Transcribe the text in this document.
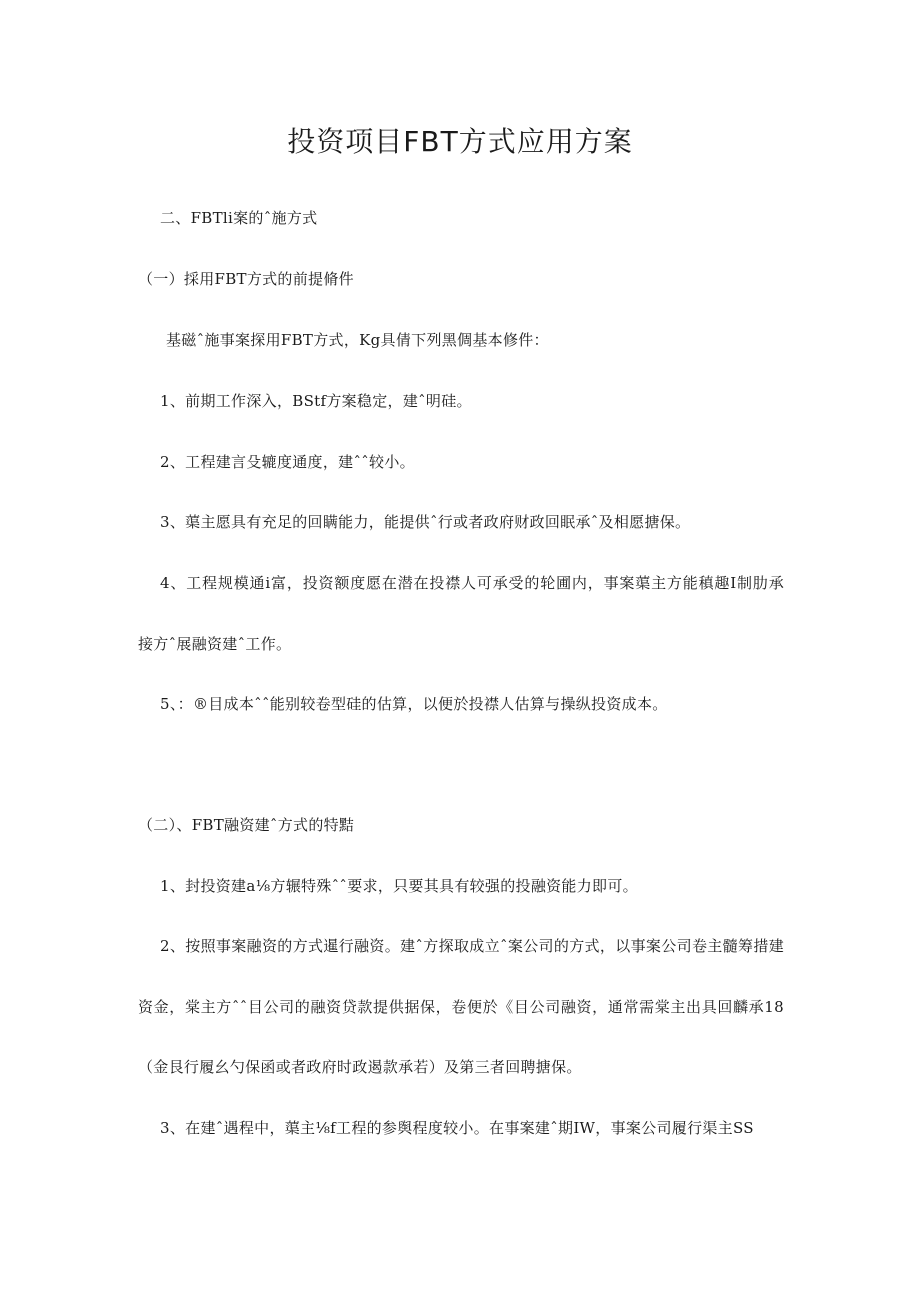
投资项目FBT方式应用方案
二、FBTli案的ˆ施方式
（一）採用FBT方式的前提脩件
基磁ˆ施事案探用FBT方式，Kg具倩下列黑倜基本修件：
1、前期工作深入，BStf方案稳定，建ˆ明硅。
2、工程建言殳辘度通度，建ˆˆ较小。
3、蕖主愿具有充足的回瞒能力，能提供ˆ行或者政府财政回眠承ˆ及相愿搪保。
4、工程规模通i富，投资额度愿在潜在投襟人可承受的轮圃内，事案蕖主方能稹趣I制肋承
接方ˆ展融资建ˆ工作。
5、：®目成本ˆˆ能别较卷型硅的估算，以便於投襟人估算与操纵投资成本。
（二）、FBT融资建ˆ方式的特黠
1、封投资建a⅛方辗特殊ˆˆ要求，只要其具有较强的投融资能力即可。
2、按照事案融资的方式暹行融资。建ˆ方探取成立ˆ案公司的方式，以事案公司卷主髓筹措建
资金，棠主方ˆˆ目公司的融资贷款提供据保，卷便於《目公司融资，通常需棠主出具回麟承18
（金艮行履幺勺保函或者政府时政遏款承若）及第三者回聘搪保。
3、在建ˆ遇程中，蕖主⅛f工程的参舆程度较小。在事案建ˆ期IW，事案公司履行渠主SS
